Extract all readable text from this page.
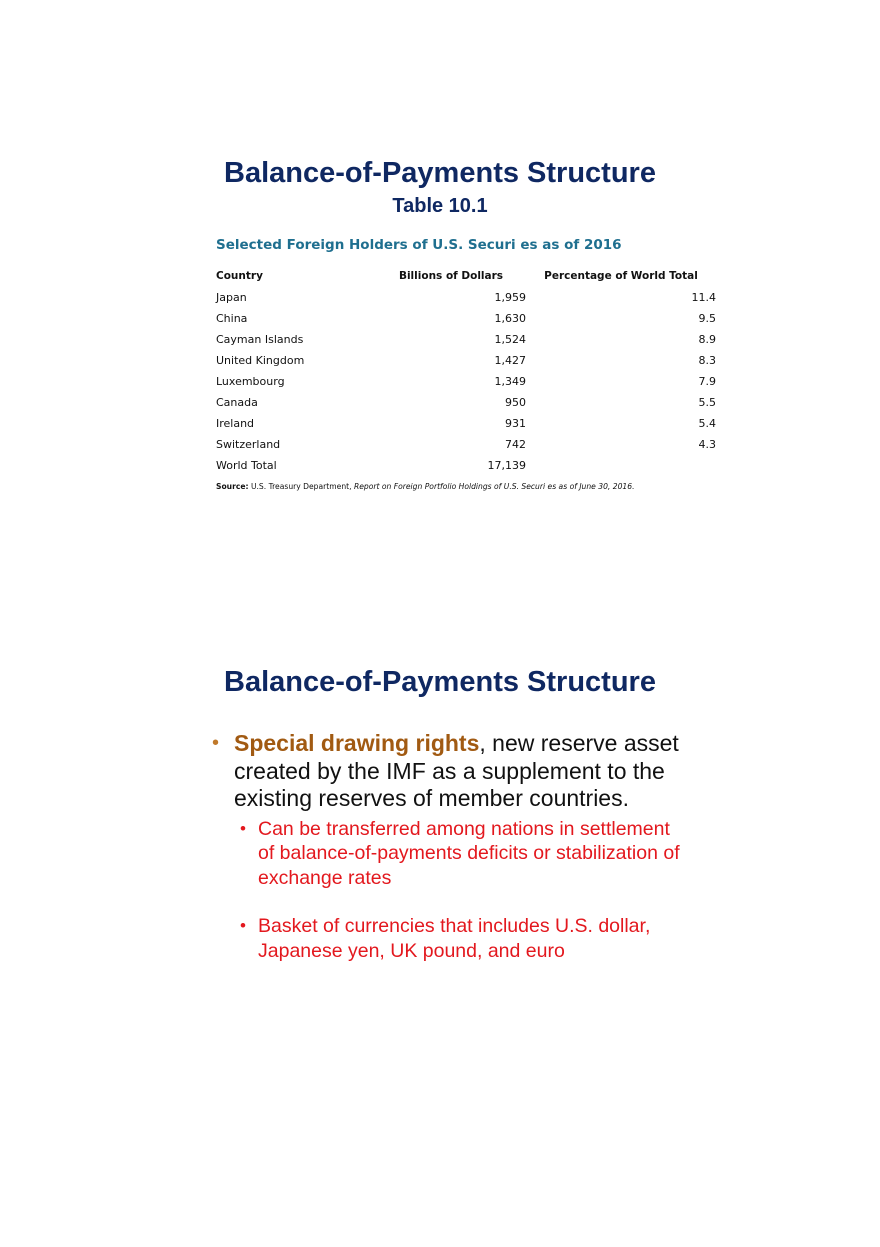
Balance-of-Payments Structure
Table 10.1

Selected Foreign Holders of U.S. Securi es as of 2016

Country	Billions of Dollars	Percentage of World Total
Japan	1,959	11.4
China	1,630	9.5
Cayman Islands	1,524	8.9
United Kingdom	1,427	8.3
Luxembourg	1,349	7.9
Canada	950	5.5
Ireland	931	5.4
Switzerland	742	4.3
World Total	17,139	

Source: U.S. Treasury Department, Report on Foreign Portfolio Holdings of U.S. Securi es as of June 30, 2016.

Balance-of-Payments Structure
• Special drawing rights, new reserve asset created by the IMF as a supplement to the existing reserves of member countries.
• Can be transferred among nations in settlement of balance-of-payments deficits or stabilization of exchange rates
• Basket of currencies that includes U.S. dollar, Japanese yen, UK pound, and euro
